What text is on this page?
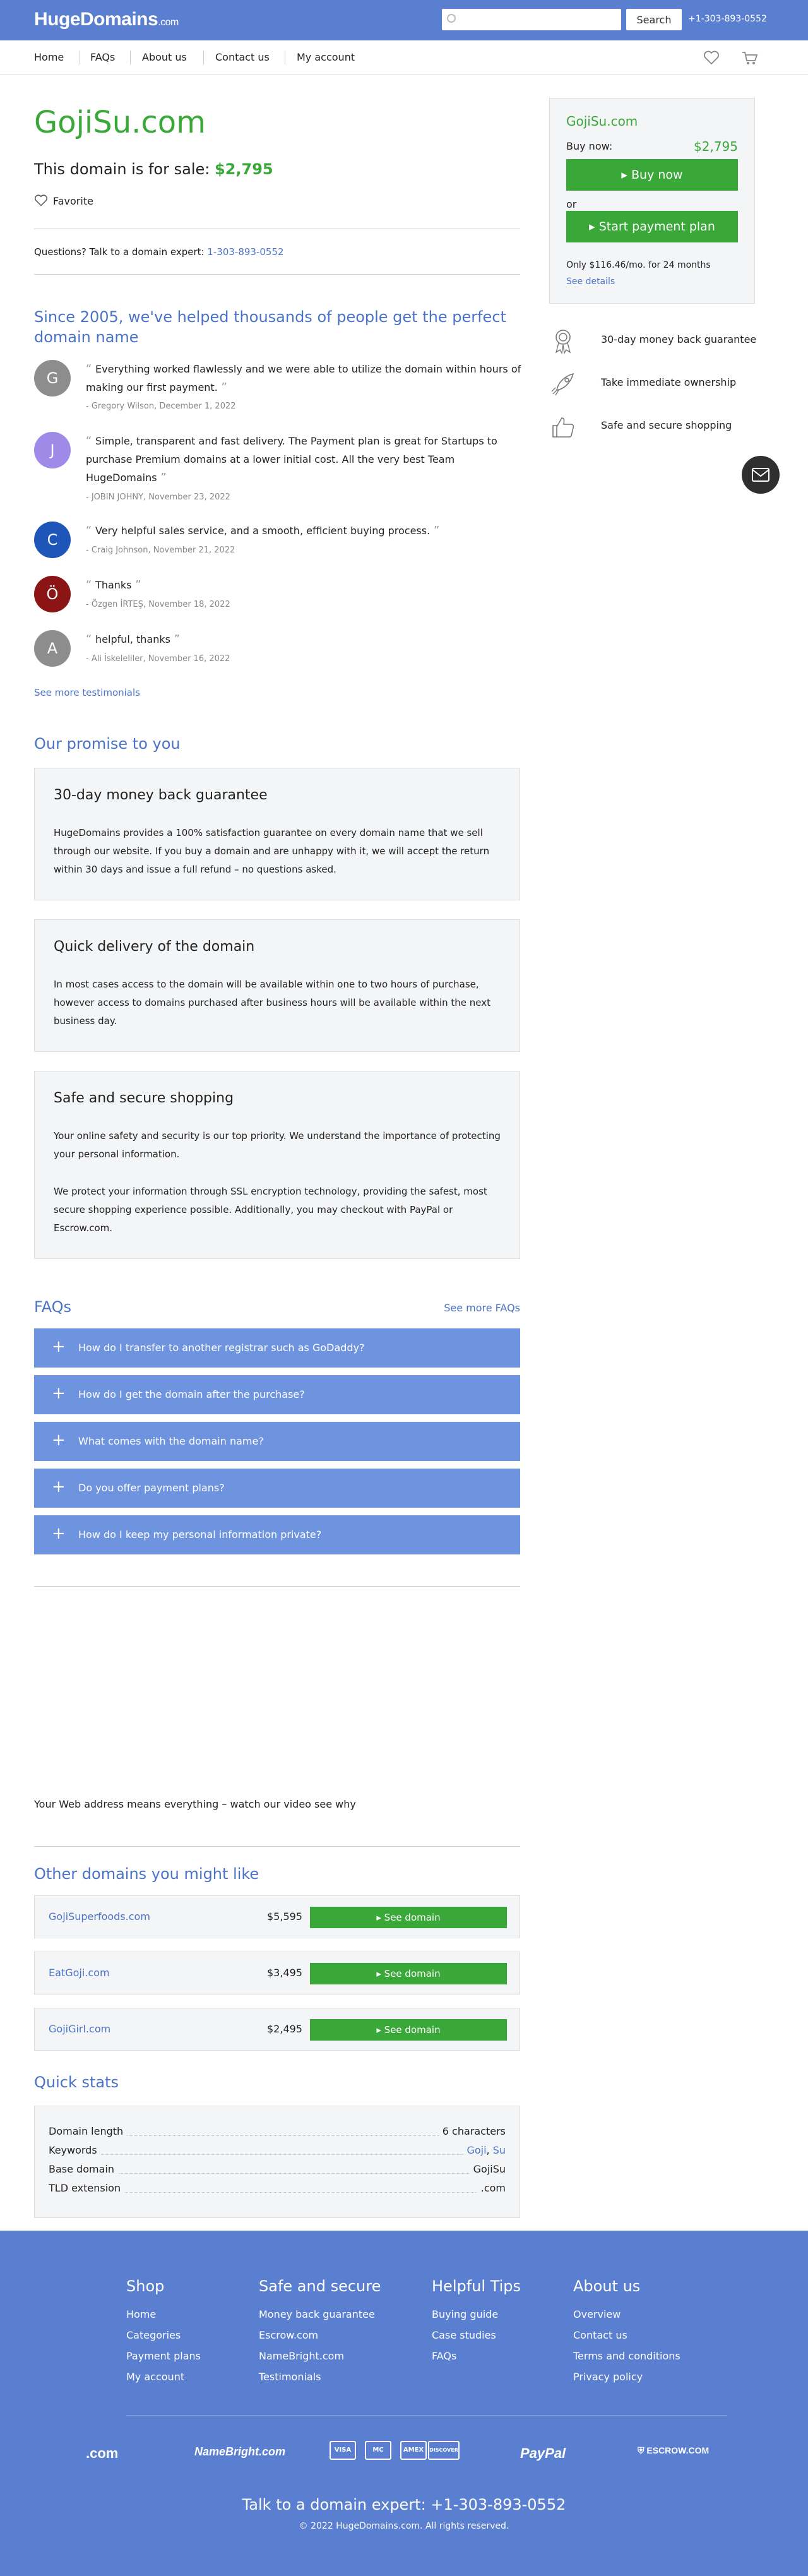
HugeDomains.com	Search	+1-303-893-0552
Home	FAQs	About us	Contact us	My account
GojiSu.com
This domain is for sale: $2,795
Favorite
Questions? Talk to a domain expert: 1-303-893-0552
Since 2005, we've helped thousands of people get the perfect domain name
G
“ Everything worked flawlessly and we were able to utilize the domain within hours of making our first payment. ”
- Gregory Wilson, December 1, 2022
J
“ Simple, transparent and fast delivery. The Payment plan is great for Startups to purchase Premium domains at a lower initial cost. All the very best Team HugeDomains ”
- JOBIN JOHNY, November 23, 2022
C
“ Very helpful sales service, and a smooth, efficient buying process. ”
- Craig Johnson, November 21, 2022
Ö
“ Thanks ”
- Özgen İRTEŞ, November 18, 2022
A
“ helpful, thanks ”
- Ali İskeleliler, November 16, 2022
See more testimonials
Our promise to you
30-day money back guarantee

HugeDomains provides a 100% satisfaction guarantee on every domain name that we sell through our website. If you buy a domain and are unhappy with it, we will accept the return within 30 days and issue a full refund – no questions asked.

Quick delivery of the domain

In most cases access to the domain will be available within one to two hours of purchase, however access to domains purchased after business hours will be available within the next business day.

Safe and secure shopping

Your online safety and security is our top priority. We understand the importance of protecting your personal information.

We protect your information through SSL encryption technology, providing the safest, most secure shopping experience possible. Additionally, you may checkout with PayPal or Escrow.com.

FAQs	See more FAQs
+ How do I transfer to another registrar such as GoDaddy?
+ How do I get the domain after the purchase?
+ What comes with the domain name?
+ Do you offer payment plans?
+ How do I keep my personal information private?
Your Web address means everything – watch our video see why
Other domains you might like
GojiSuperfoods.com	$5,595	▸ See domain
EatGoji.com	$3,495	▸ See domain
GojiGirl.com	$2,495	▸ See domain
Quick stats
Domain length	6 characters
Keywords	Goji, Su
Base domain	GojiSu
TLD extension	.com
GojiSu.com
Buy now:	$2,795
▸ Buy now
or
▸ Start payment plan
Only $116.46/mo. for 24 months
See details
30-day money back guarantee
Take immediate ownership
Safe and secure shopping
Shop
Home
Categories
Payment plans
My account
Safe and secure
Money back guarantee
Escrow.com
NameBright.com
Testimonials
Helpful Tips
Buying guide
Case studies
FAQs
About us
Overview
Contact us
Terms and conditions
Privacy policy
.com	NameBright.com	VISA	MC	AMEX	DISCOVER	PayPal	⛨ ESCROW.COM
Talk to a domain expert: +1-303-893-0552
© 2022 HugeDomains.com. All rights reserved.
